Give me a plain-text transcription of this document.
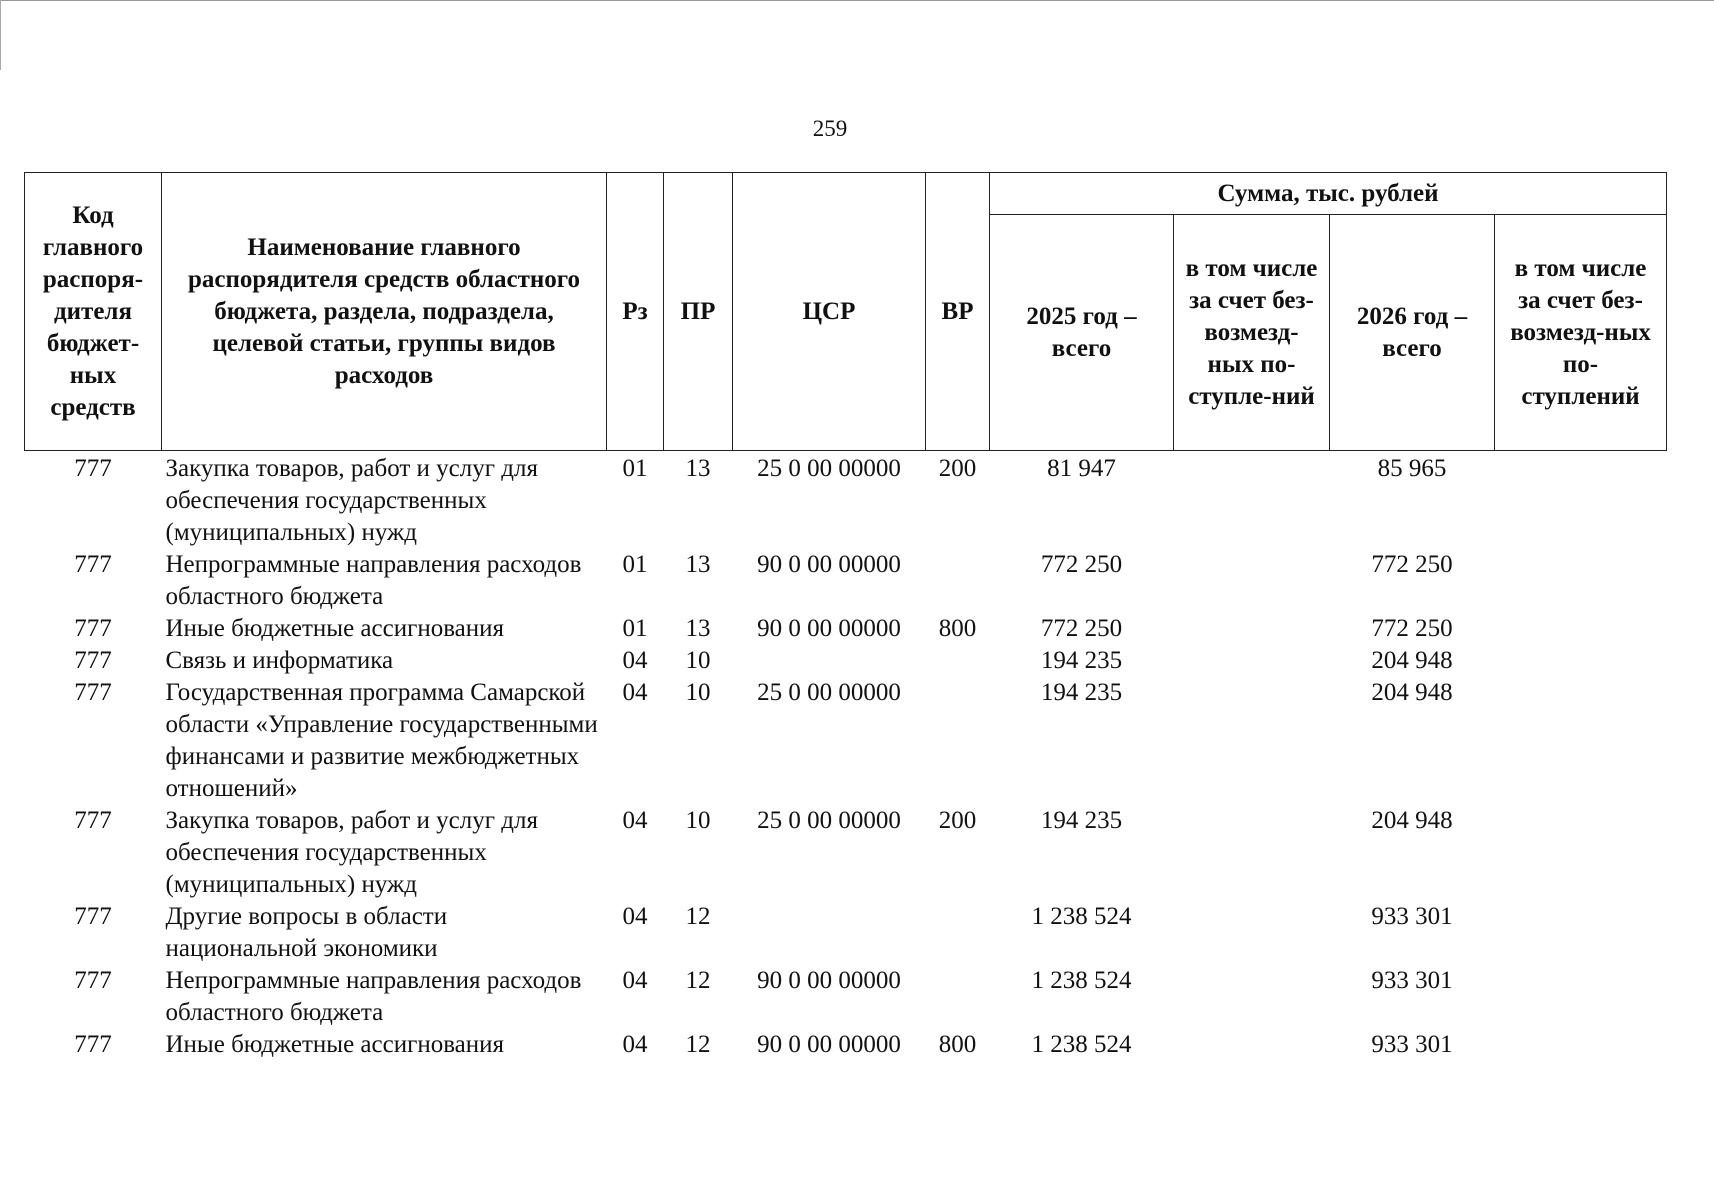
259
Код главного распоря-дителя бюджет-ных средств	Наименование главного распорядителя средств областного бюджета, раздела, подраздела, целевой статьи, группы видов расходов	Рз	ПР	ЦСР	ВР	Сумма, тыс. рублей			
						2025 год – всего	в том числе за счет без-возмезд-ных по-ступле-ний	2026 год – всего	в том числе за счет без-возмезд-ных по-ступлений
777	Закупка товаров, работ и услуг для обеспечения государственных (муниципальных) нужд	01	13	25 0 00 00000	200	81 947		85 965	
777	Непрограммные направления расходов областного бюджета	01	13	90 0 00 00000		772 250		772 250	
777	Иные бюджетные ассигнования	01	13	90 0 00 00000	800	772 250		772 250	
777	Связь и информатика	04	10			194 235		204 948	
777	Государственная программа Самарской области «Управление государственными финансами и развитие межбюджетных отношений»	04	10	25 0 00 00000		194 235		204 948	
777	Закупка товаров, работ и услуг для обеспечения государственных (муниципальных) нужд	04	10	25 0 00 00000	200	194 235		204 948	
777	Другие вопросы в области национальной экономики	04	12			1 238 524		933 301	
777	Непрограммные направления расходов областного бюджета	04	12	90 0 00 00000		1 238 524		933 301	
777	Иные бюджетные ассигнования	04	12	90 0 00 00000	800	1 238 524		933 301	
